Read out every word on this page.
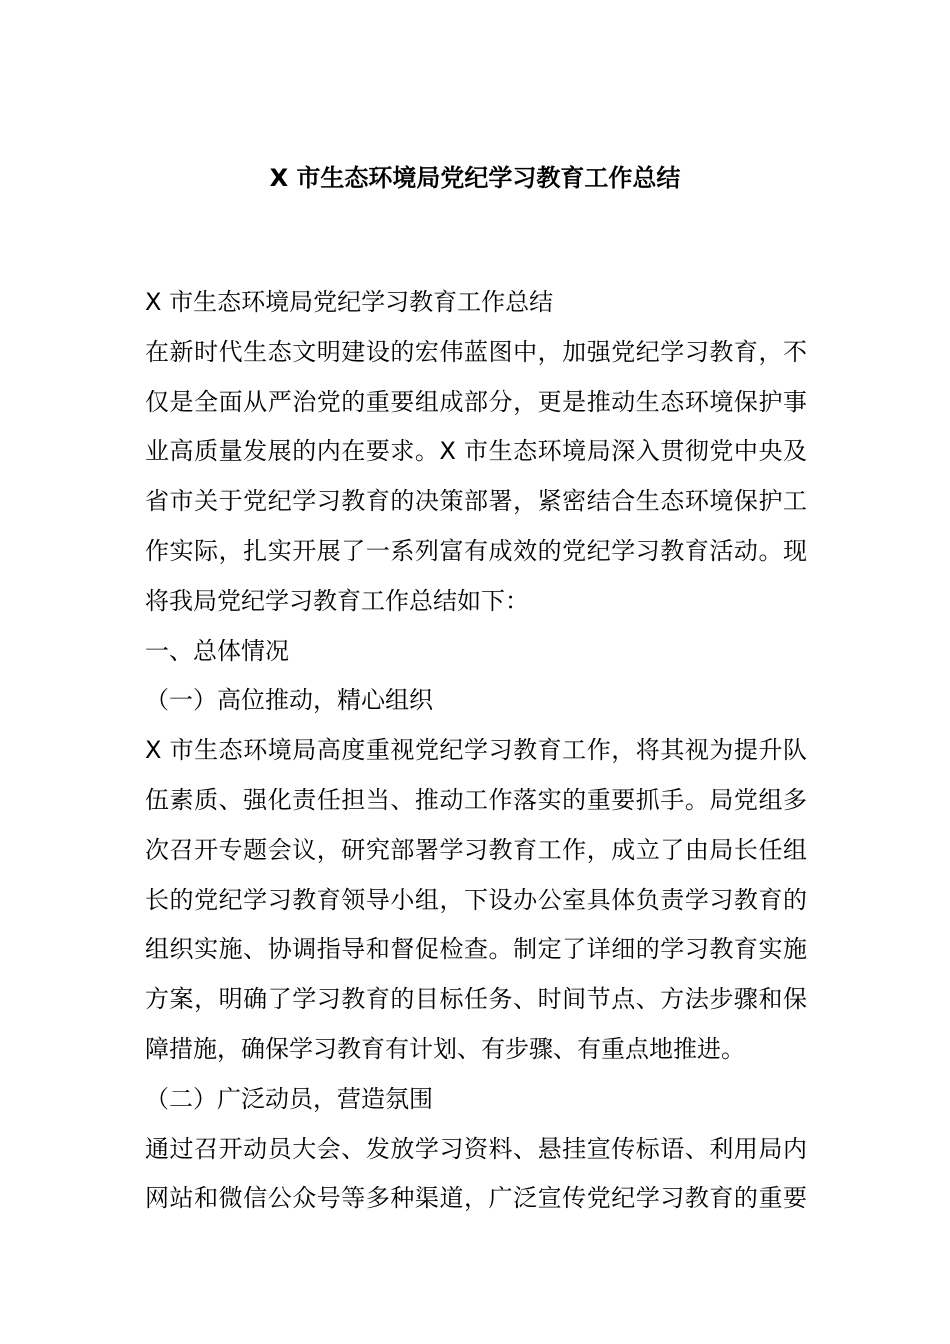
X 市生态环境局党纪学习教育工作总结
X 市生态环境局党纪学习教育工作总结
在新时代生态文明建设的宏伟蓝图中，加强党纪学习教育，不
仅是全面从严治党的重要组成部分，更是推动生态环境保护事
业高质量发展的内在要求。X 市生态环境局深入贯彻党中央及
省市关于党纪学习教育的决策部署，紧密结合生态环境保护工
作实际，扎实开展了一系列富有成效的党纪学习教育活动。现
将我局党纪学习教育工作总结如下：
一、总体情况
（一）高位推动，精心组织
X 市生态环境局高度重视党纪学习教育工作，将其视为提升队
伍素质、强化责任担当、推动工作落实的重要抓手。局党组多
次召开专题会议，研究部署学习教育工作，成立了由局长任组
长的党纪学习教育领导小组，下设办公室具体负责学习教育的
组织实施、协调指导和督促检查。制定了详细的学习教育实施
方案，明确了学习教育的目标任务、时间节点、方法步骤和保
障措施，确保学习教育有计划、有步骤、有重点地推进。
（二）广泛动员，营造氛围
通过召开动员大会、发放学习资料、悬挂宣传标语、利用局内
网站和微信公众号等多种渠道，广泛宣传党纪学习教育的重要
